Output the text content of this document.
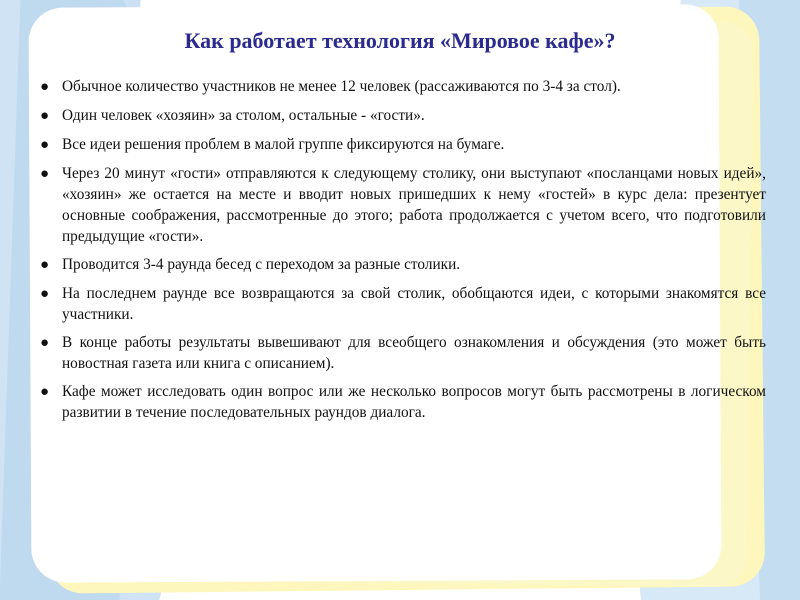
Как работает технология «Мировое кафе»?
● Обычное количество участников не менее 12 человек (рассаживаются по 3-4 за стол).
● Один человек «хозяин» за столом, остальные - «гости».
● Все идеи решения проблем в малой группе фиксируются на бумаге.
● Через 20 минут «гости» отправляются к следующему столику, они выступают «посланцами новых идей», «хозяин» же остается на месте и вводит новых пришедших к нему «гостей» в курс дела: презентует основные соображения, рассмотренные до этого; работа продолжается с учетом всего, что подготовили предыдущие «гости».
● Проводится 3-4 раунда бесед с переходом за разные столики.
● На последнем раунде все возвращаются за свой столик, обобщаются идеи, с которыми знакомятся все участники.
● В конце работы результаты вывешивают для всеобщего ознакомления и обсуждения (это может быть новостная газета или книга с описанием).
● Кафе может исследовать один вопрос или же несколько вопросов могут быть рассмотрены в логическом развитии в течение последовательных раундов диалога.
